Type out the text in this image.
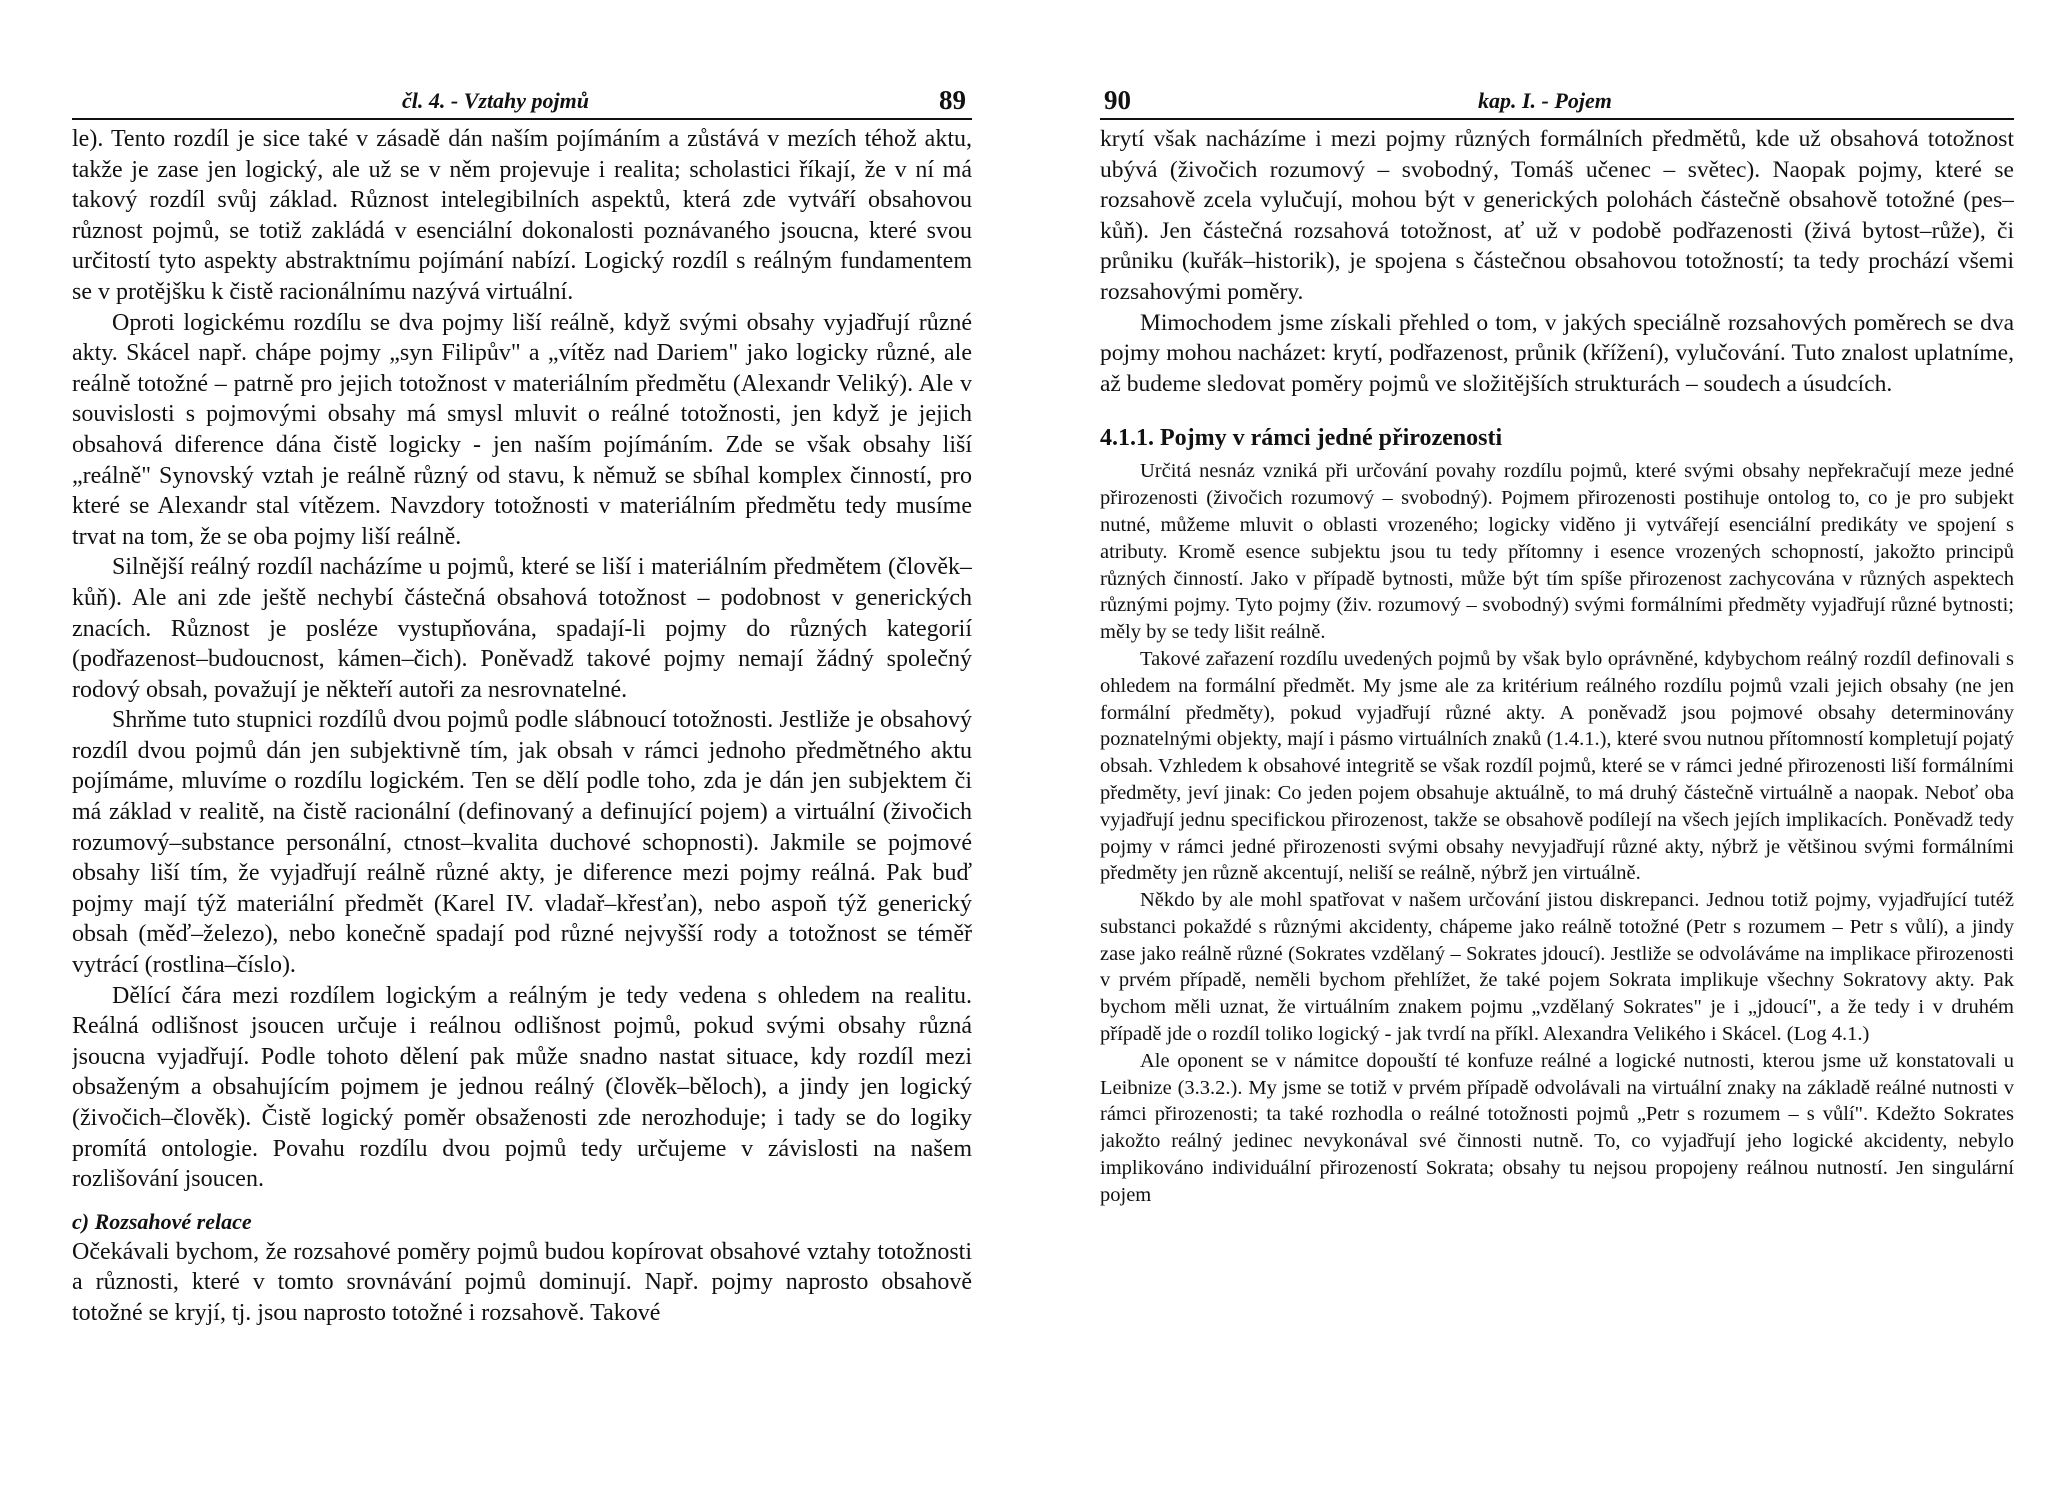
čl. 4. - Vztahy pojmů	89

le). Tento rozdíl je sice také v zásadě dán naším pojímáním a zůstává v mezích téhož aktu, takže je zase jen logický, ale už se v něm projevuje i realita; scholastici říkají, že v ní má takový rozdíl svůj základ. Různost intelegibilních aspektů, která zde vytváří obsahovou různost pojmů, se totiž zakládá v esenciální dokonalosti poznávaného jsoucna, které svou určitostí tyto aspekty abstraktnímu pojímání nabízí. Logický rozdíl s reálným fundamentem se v protějšku k čistě racionálnímu nazývá virtuální.

Oproti logickému rozdílu se dva pojmy liší reálně, když svými obsahy vyjadřují různé akty. Skácel např. chápe pojmy „syn Filipův" a „vítěz nad Dariem" jako logicky různé, ale reálně totožné – patrně pro jejich totožnost v materiálním předmětu (Alexandr Veliký). Ale v souvislosti s pojmovými obsahy má smysl mluvit o reálné totožnosti, jen když je jejich obsahová diference dána čistě logicky - jen naším pojímáním. Zde se však obsahy liší „reálně" Synovský vztah je reálně různý od stavu, k němuž se sbíhal komplex činností, pro které se Alexandr stal vítězem. Navzdory totožnosti v materiálním předmětu tedy musíme trvat na tom, že se oba pojmy liší reálně.

Silnější reálný rozdíl nacházíme u pojmů, které se liší i materiálním předmětem (člověk–kůň). Ale ani zde ještě nechybí částečná obsahová totožnost – podobnost v generických znacích. Různost je posléze vystupňována, spadají-li pojmy do různých kategorií (podřazenost–budoucnost, kámen–čich). Poněvadž takové pojmy nemají žádný společný rodový obsah, považují je někteří autoři za nesrovnatelné.

Shrňme tuto stupnici rozdílů dvou pojmů podle slábnoucí totožnosti. Jestliže je obsahový rozdíl dvou pojmů dán jen subjektivně tím, jak obsah v rámci jednoho předmětného aktu pojímáme, mluvíme o rozdílu logickém. Ten se dělí podle toho, zda je dán jen subjektem či má základ v realitě, na čistě racionální (definovaný a definující pojem) a virtuální (živočich rozumový–substance personální, ctnost–kvalita duchové schopnosti). Jakmile se pojmové obsahy liší tím, že vyjadřují reálně různé akty, je diference mezi pojmy reálná. Pak buď pojmy mají týž materiální předmět (Karel IV. vladař–křesťan), nebo aspoň týž generický obsah (měď–železo), nebo konečně spadají pod různé nejvyšší rody a totožnost se téměř vytrácí (rostlina–číslo).

Dělící čára mezi rozdílem logickým a reálným je tedy vedena s ohledem na realitu. Reálná odlišnost jsoucen určuje i reálnou odlišnost pojmů, pokud svými obsahy různá jsoucna vyjadřují. Podle tohoto dělení pak může snadno nastat situace, kdy rozdíl mezi obsaženým a obsahujícím pojmem je jednou reálný (člověk–běloch), a jindy jen logický (živočich–člověk). Čistě logický poměr obsaženosti zde nerozhoduje; i tady se do logiky promítá ontologie. Povahu rozdílu dvou pojmů tedy určujeme v závislosti na našem rozlišování jsoucen.

c) Rozsahové relace

Očekávali bychom, že rozsahové poměry pojmů budou kopírovat obsahové vztahy totožnosti a různosti, které v tomto srovnávání pojmů dominují. Např. pojmy naprosto obsahově totožné se kryjí, tj. jsou naprosto totožné i rozsahově. Takové

90	kap. I. - Pojem

krytí však nacházíme i mezi pojmy různých formálních předmětů, kde už obsahová totožnost ubývá (živočich rozumový – svobodný, Tomáš učenec – světec). Naopak pojmy, které se rozsahově zcela vylučují, mohou být v generických polohách částečně obsahově totožné (pes–kůň). Jen částečná rozsahová totožnost, ať už v podobě podřazenosti (živá bytost–růže), či průniku (kuřák–historik), je spojena s částečnou obsahovou totožností; ta tedy prochází všemi rozsahovými poměry.

Mimochodem jsme získali přehled o tom, v jakých speciálně rozsahových poměrech se dva pojmy mohou nacházet: krytí, podřazenost, průnik (křížení), vylučování. Tuto znalost uplatníme, až budeme sledovat poměry pojmů ve složitějších strukturách – soudech a úsudcích.

4.1.1. Pojmy v rámci jedné přirozenosti

Určitá nesnáz vzniká při určování povahy rozdílu pojmů, které svými obsahy nepřekračují meze jedné přirozenosti (živočich rozumový – svobodný). Pojmem přirozenosti postihuje ontolog to, co je pro subjekt nutné, můžeme mluvit o oblasti vrozeného; logicky viděno ji vytvářejí esenciální predikáty ve spojení s atributy. Kromě esence subjektu jsou tu tedy přítomny i esence vrozených schopností, jakožto principů různých činností. Jako v případě bytnosti, může být tím spíše přirozenost zachycována v různých aspektech různými pojmy. Tyto pojmy (živ. rozumový – svobodný) svými formálními předměty vyjadřují různé bytnosti; měly by se tedy lišit reálně.

Takové zařazení rozdílu uvedených pojmů by však bylo oprávněné, kdybychom reálný rozdíl definovali s ohledem na formální předmět. My jsme ale za kritérium reálného rozdílu pojmů vzali jejich obsahy (ne jen formální předměty), pokud vyjadřují různé akty. A poněvadž jsou pojmové obsahy determinovány poznatelnými objekty, mají i pásmo virtuálních znaků (1.4.1.), které svou nutnou přítomností kompletují pojatý obsah. Vzhledem k obsahové integritě se však rozdíl pojmů, které se v rámci jedné přirozenosti liší formálními předměty, jeví jinak: Co jeden pojem obsahuje aktuálně, to má druhý částečně virtuálně a naopak. Neboť oba vyjadřují jednu specifickou přirozenost, takže se obsahově podílejí na všech jejích implikacích. Poněvadž tedy pojmy v rámci jedné přirozenosti svými obsahy nevyjadřují různé akty, nýbrž je většinou svými formálními předměty jen různě akcentují, neliší se reálně, nýbrž jen virtuálně.

Někdo by ale mohl spatřovat v našem určování jistou diskrepanci. Jednou totiž pojmy, vyjadřující tutéž substanci pokaždé s různými akcidenty, chápeme jako reálně totožné (Petr s rozumem – Petr s vůlí), a jindy zase jako reálně různé (Sokrates vzdělaný – Sokrates jdoucí). Jestliže se odvoláváme na implikace přirozenosti v prvém případě, neměli bychom přehlížet, že také pojem Sokrata implikuje všechny Sokratovy akty. Pak bychom měli uznat, že virtuálním znakem pojmu „vzdělaný Sokrates" je i „jdoucí", a že tedy i v druhém případě jde o rozdíl toliko logický - jak tvrdí na příkl. Alexandra Velikého i Skácel. (Log 4.1.)

Ale oponent se v námitce dopouští té konfuze reálné a logické nutnosti, kterou jsme už konstatovali u Leibnize (3.3.2.). My jsme se totiž v prvém případě odvolávali na virtuální znaky na základě reálné nutnosti v rámci přirozenosti; ta také rozhodla o reálné totožnosti pojmů „Petr s rozumem – s vůlí". Kdežto Sokrates jakožto reálný jedinec nevykonával své činnosti nutně. To, co vyjadřují jeho logické akcidenty, nebylo implikováno individuální přirozeností Sokrata; obsahy tu nejsou propojeny reálnou nutností. Jen singulární pojem
